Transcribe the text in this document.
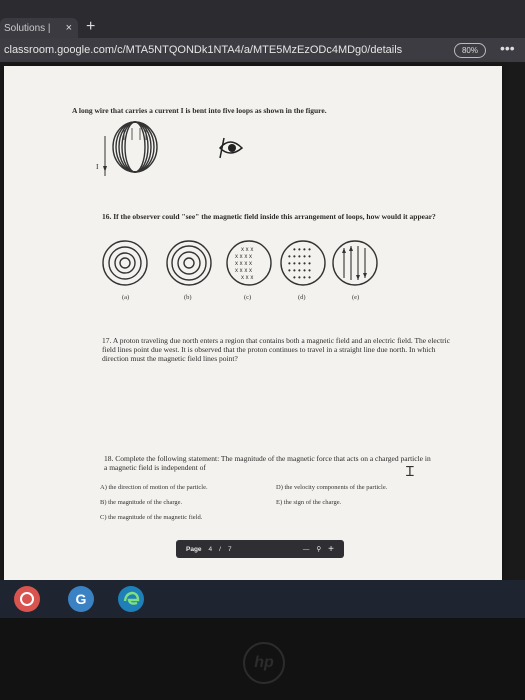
Solutions | × +
classroom.google.com/c/MTA5NTQONDk1NTA4/a/MTE5MzEzODc4MDg0/details	80%	•••
A long wire that carries a current I is bent into five loops as shown in the figure.
I
16. If the observer could "see" the magnetic field inside this arrangement of loops, how would it appear?
x x x
x x x x
x x x x
x x x x
x x x
• • • •
• • • • •
• • • • •
• • • • •
• • • •
(a)	(b)	(c)	(d)	(e)
17. A proton traveling due north enters a region that contains both a magnetic field and an electric field. The electric field lines point due west. It is observed that the proton continues to travel in a straight line due north. In which direction must the magnetic field lines point?
18. Complete the following statement: The magnitude of the magnetic force that acts on a charged particle in a magnetic field is independent of	Ɪ
A) the direction of motion of the particle.
B) the magnitude of the charge.
C) the magnitude of the magnetic field.
D) the velocity components of the particle.
E) the sign of the charge.
Page 4 / 7	— ⚲ +
G
hp
